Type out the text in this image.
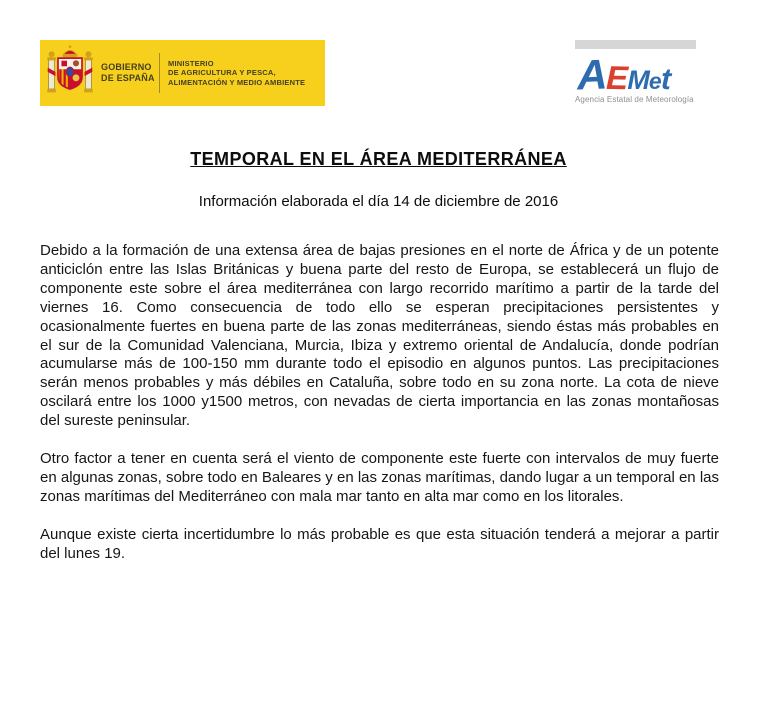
GOBIERNO
DE ESPAÑA
MINISTERIO
DE AGRICULTURA Y PESCA,
ALIMENTACIÓN Y MEDIO AMBIENTE	A
E M e t
Agencia Estatal de Meteorología
TEMPORAL EN EL ÁREA MEDITERRÁNEA
Información elaborada el día 14 de diciembre de 2016

Debido a la formación de una extensa área de bajas presiones en el norte de África y de un potente anticiclón entre las Islas Británicas y buena parte del resto de Europa, se establecerá un flujo de componente este sobre el área mediterránea con largo recorrido marítimo a partir de la tarde del viernes 16. Como consecuencia de todo ello se esperan precipitaciones persistentes y ocasionalmente fuertes en buena parte de las zonas mediterráneas, siendo éstas más probables en el sur de la Comunidad Valenciana, Murcia, Ibiza y extremo oriental de Andalucía, donde podrían acumularse más de 100-150 mm durante todo el episodio en algunos puntos. Las precipitaciones serán menos probables y más débiles en Cataluña, sobre todo en su zona norte. La cota de nieve oscilará entre los 1000 y1500 metros, con nevadas de cierta importancia en las zonas montañosas del sureste peninsular.

Otro factor a tener en cuenta será el viento de componente este fuerte con intervalos de muy fuerte en algunas zonas, sobre todo en Baleares y en las zonas marítimas, dando lugar a un temporal en las zonas marítimas del Mediterráneo con mala mar tanto en alta mar como en los litorales.

Aunque existe cierta incertidumbre lo más probable es que esta situación tenderá a mejorar a partir del lunes 19.
